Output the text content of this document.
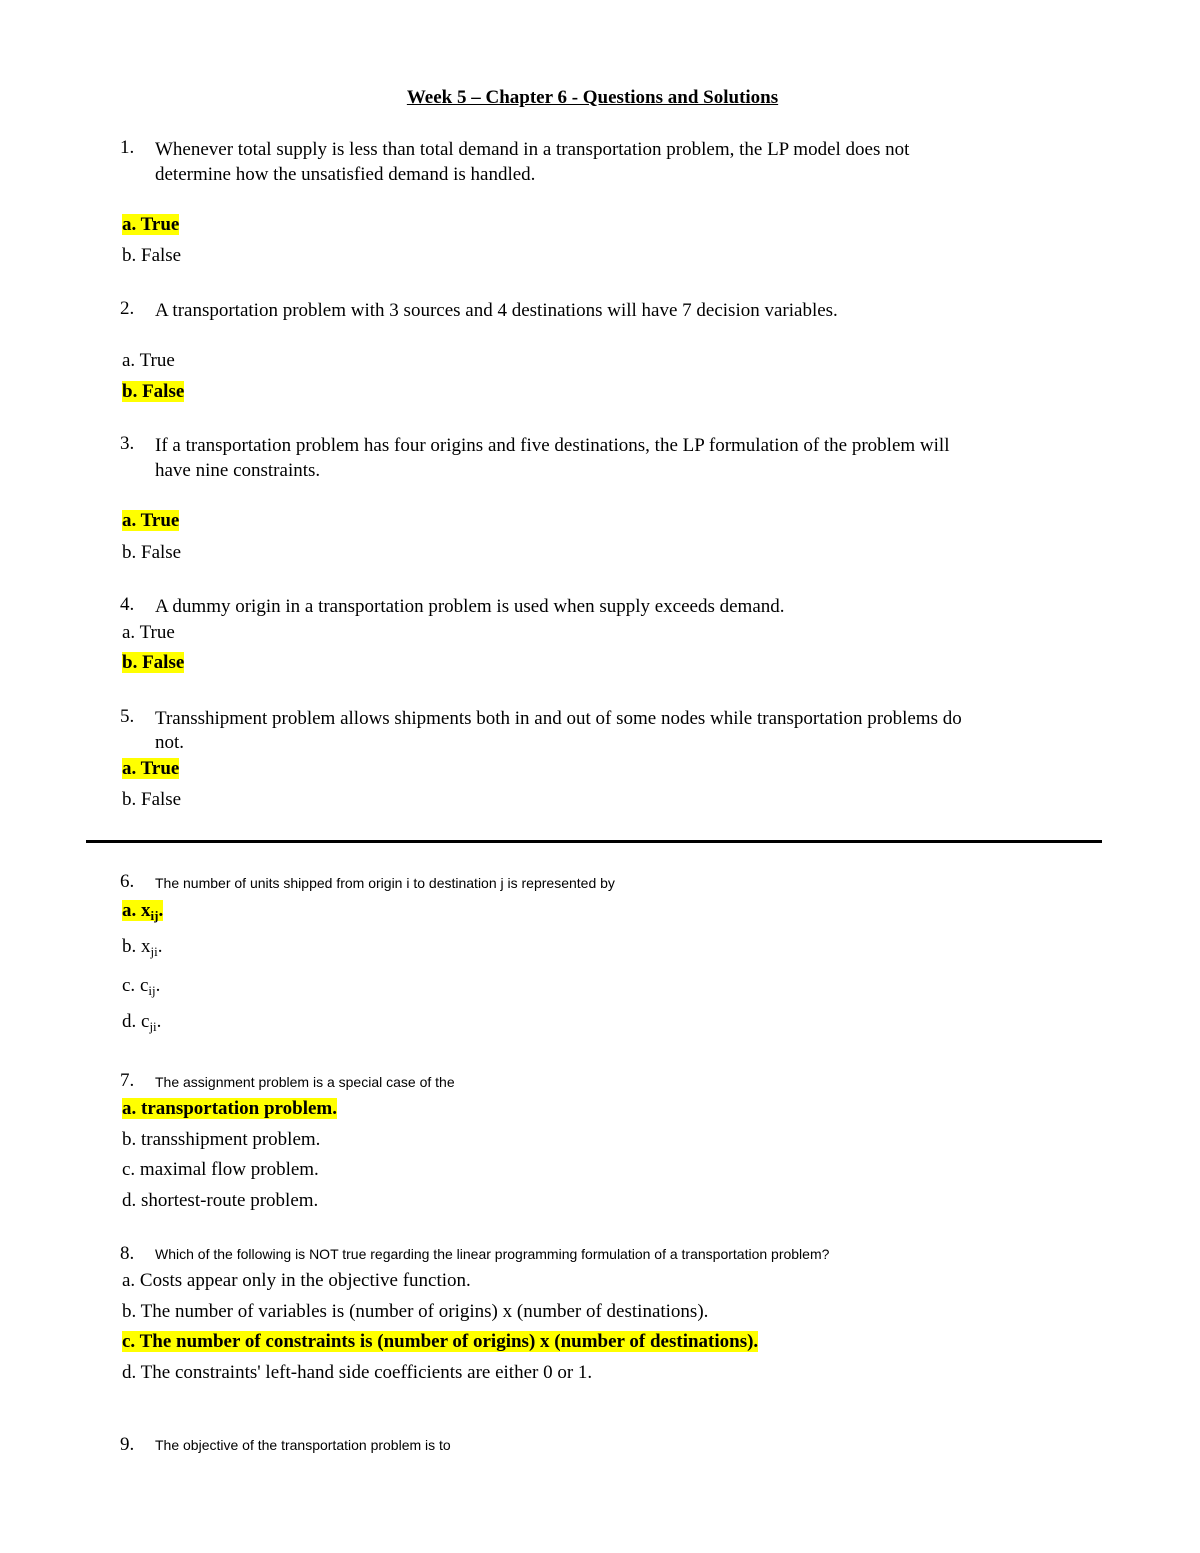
Week 5 – Chapter 6 - Questions and Solutions
1. Whenever total supply is less than total demand in a transportation problem, the LP model does not
determine how the unsatisfied demand is handled.
a. True
b. False
2. A transportation problem with 3 sources and 4 destinations will have 7 decision variables.
a. True
b. False
3. If a transportation problem has four origins and five destinations, the LP formulation of the problem will
have nine constraints.
a. True
b. False
4. A dummy origin in a transportation problem is used when supply exceeds demand.
a. True
b. False
5. Transshipment problem allows shipments both in and out of some nodes while transportation problems do
not.
a. True
b. False
6. The number of units shipped from origin i to destination j is represented by
a. $x_{ij}$.
b. $x_{ji}$.
c. $c_{ij}$.
d. $c_{ji}$.
7. The assignment problem is a special case of the
a. transportation problem.
b. transshipment problem.
c. maximal flow problem.
d. shortest-route problem.
8. Which of the following is NOT true regarding the linear programming formulation of a transportation problem?
a. Costs appear only in the objective function.
b. The number of variables is (number of origins) x (number of destinations).
c. The number of constraints is (number of origins) x (number of destinations).
d. The constraints' left-hand side coefficients are either 0 or 1.
9. The objective of the transportation problem is to
